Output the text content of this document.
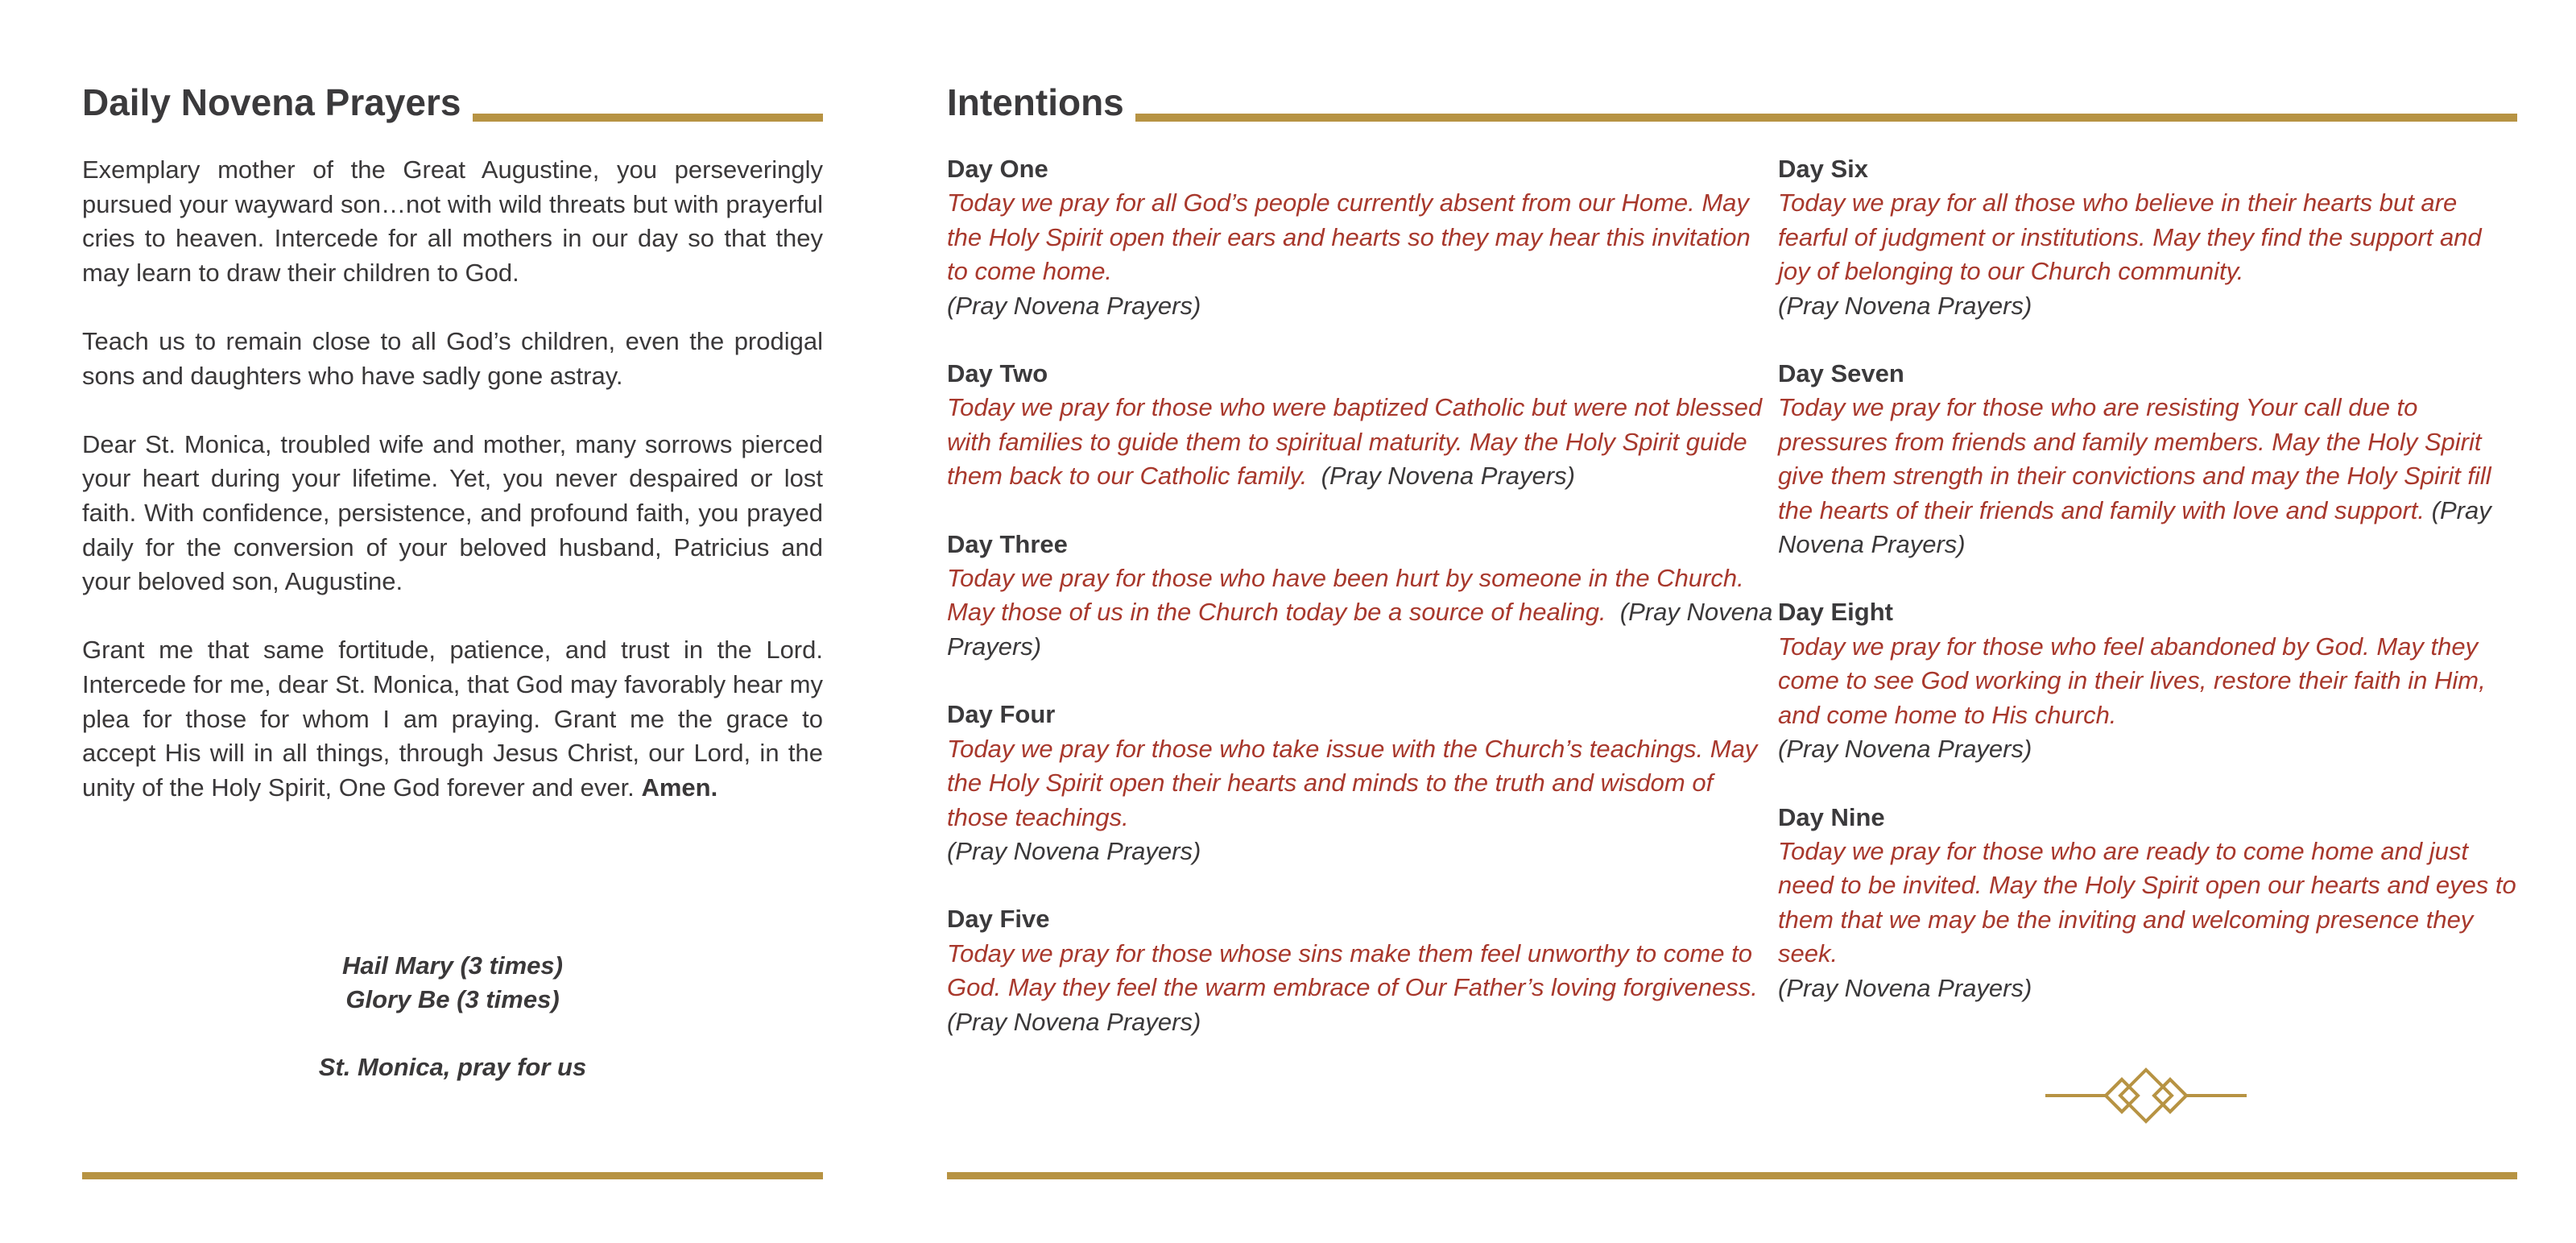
Daily Novena Prayers

Exemplary mother of the Great Augustine, you perseveringly pursued your wayward son…not with wild threats but with prayerful cries to heaven. Intercede for all mothers in our day so that they may learn to draw their children to God.

Teach us to remain close to all God’s children, even the prodigal sons and daughters who have sadly gone astray.

Dear St. Monica, troubled wife and mother, many sorrows pierced your heart during your lifetime. Yet, you never despaired or lost faith. With confidence, persistence, and profound faith, you prayed daily for the conversion of your beloved husband, Patricius and your beloved son, Augustine.

Grant me that same fortitude, patience, and trust in the Lord. Intercede for me, dear St. Monica, that God may favorably hear my plea for those for whom I am praying. Grant me the grace to accept His will in all things, through Jesus Christ, our Lord, in the unity of the Holy Spirit, One God forever and ever. Amen.

Hail Mary (3 times)
Glory Be (3 times)
St. Monica, pray for us
Intentions
Day One
Today we pray for all God’s people currently absent from our Home. May the Holy Spirit open their ears and hearts so they may hear this invitation to come home.
(Pray Novena Prayers)
Day Two
Today we pray for those who were baptized Catholic but were not blessed with families to guide them to spiritual maturity. May the Holy Spirit guide them back to our Catholic family. (Pray Novena Prayers)
Day Three
Today we pray for those who have been hurt by someone in the Church. May those of us in the Church today be a source of healing. (Pray Novena Prayers)
Day Four
Today we pray for those who take issue with the Church’s teachings. May the Holy Spirit open their hearts and minds to the truth and wisdom of those teachings.
(Pray Novena Prayers)
Day Five
Today we pray for those whose sins make them feel unworthy to come to God. May they feel the warm embrace of Our Father’s loving forgiveness.
(Pray Novena Prayers)
Day Six
Today we pray for all those who believe in their hearts but are fearful of judgment or institutions. May they find the support and joy of belonging to our Church community.
(Pray Novena Prayers)
Day Seven
Today we pray for those who are resisting Your call due to pressures from friends and family members. May the Holy Spirit give them strength in their convictions and may the Holy Spirit fill the hearts of their friends and family with love and support. (Pray Novena Prayers)
Day Eight
Today we pray for those who feel abandoned by God. May they come to see God working in their lives, restore their faith in Him, and come home to His church.
(Pray Novena Prayers)
Day Nine
Today we pray for those who are ready to come home and just need to be invited. May the Holy Spirit open our hearts and eyes to them that we may be the inviting and welcoming presence they seek.
(Pray Novena Prayers)
